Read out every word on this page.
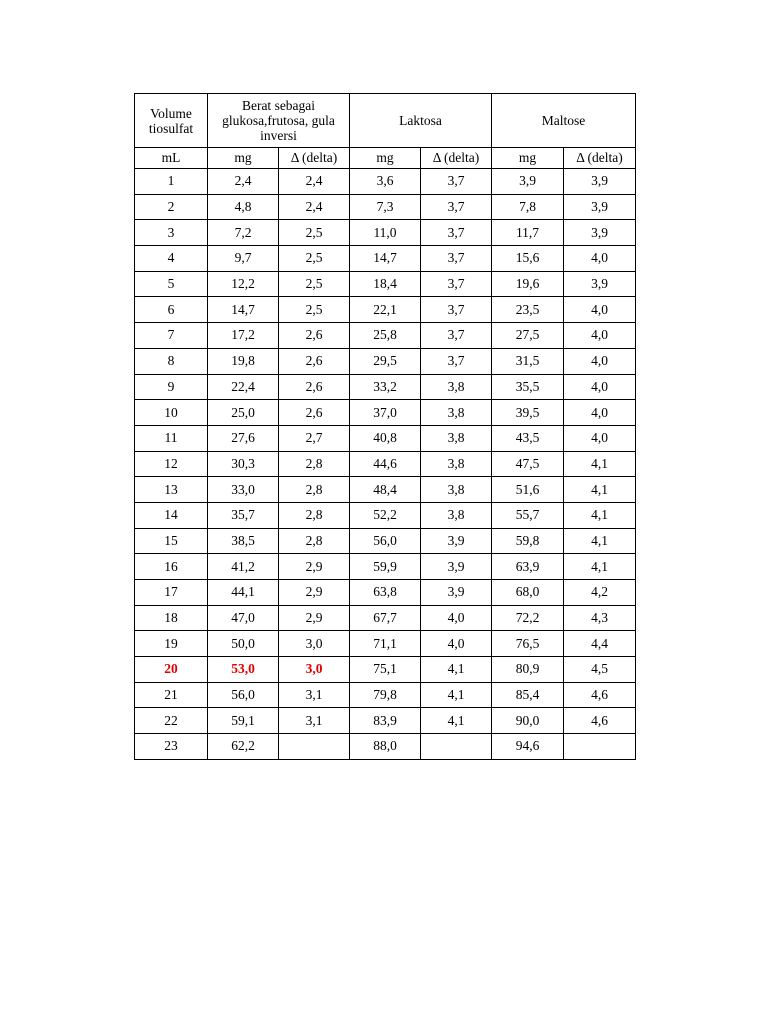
Volume tiosulfat	Berat sebagai glukosa,frutosa, gula inversi		Laktosa		Maltose	
mL	mg	Δ (delta)	mg	Δ (delta)	mg	Δ (delta)
1	2,4	2,4	3,6	3,7	3,9	3,9
2	4,8	2,4	7,3	3,7	7,8	3,9
3	7,2	2,5	11,0	3,7	11,7	3,9
4	9,7	2,5	14,7	3,7	15,6	4,0
5	12,2	2,5	18,4	3,7	19,6	3,9
6	14,7	2,5	22,1	3,7	23,5	4,0
7	17,2	2,6	25,8	3,7	27,5	4,0
8	19,8	2,6	29,5	3,7	31,5	4,0
9	22,4	2,6	33,2	3,8	35,5	4,0
10	25,0	2,6	37,0	3,8	39,5	4,0
11	27,6	2,7	40,8	3,8	43,5	4,0
12	30,3	2,8	44,6	3,8	47,5	4,1
13	33,0	2,8	48,4	3,8	51,6	4,1
14	35,7	2,8	52,2	3,8	55,7	4,1
15	38,5	2,8	56,0	3,9	59,8	4,1
16	41,2	2,9	59,9	3,9	63,9	4,1
17	44,1	2,9	63,8	3,9	68,0	4,2
18	47,0	2,9	67,7	4,0	72,2	4,3
19	50,0	3,0	71,1	4,0	76,5	4,4
20	53,0	3,0	75,1	4,1	80,9	4,5
21	56,0	3,1	79,8	4,1	85,4	4,6
22	59,1	3,1	83,9	4,1	90,0	4,6
23	62,2		88,0		94,6	
